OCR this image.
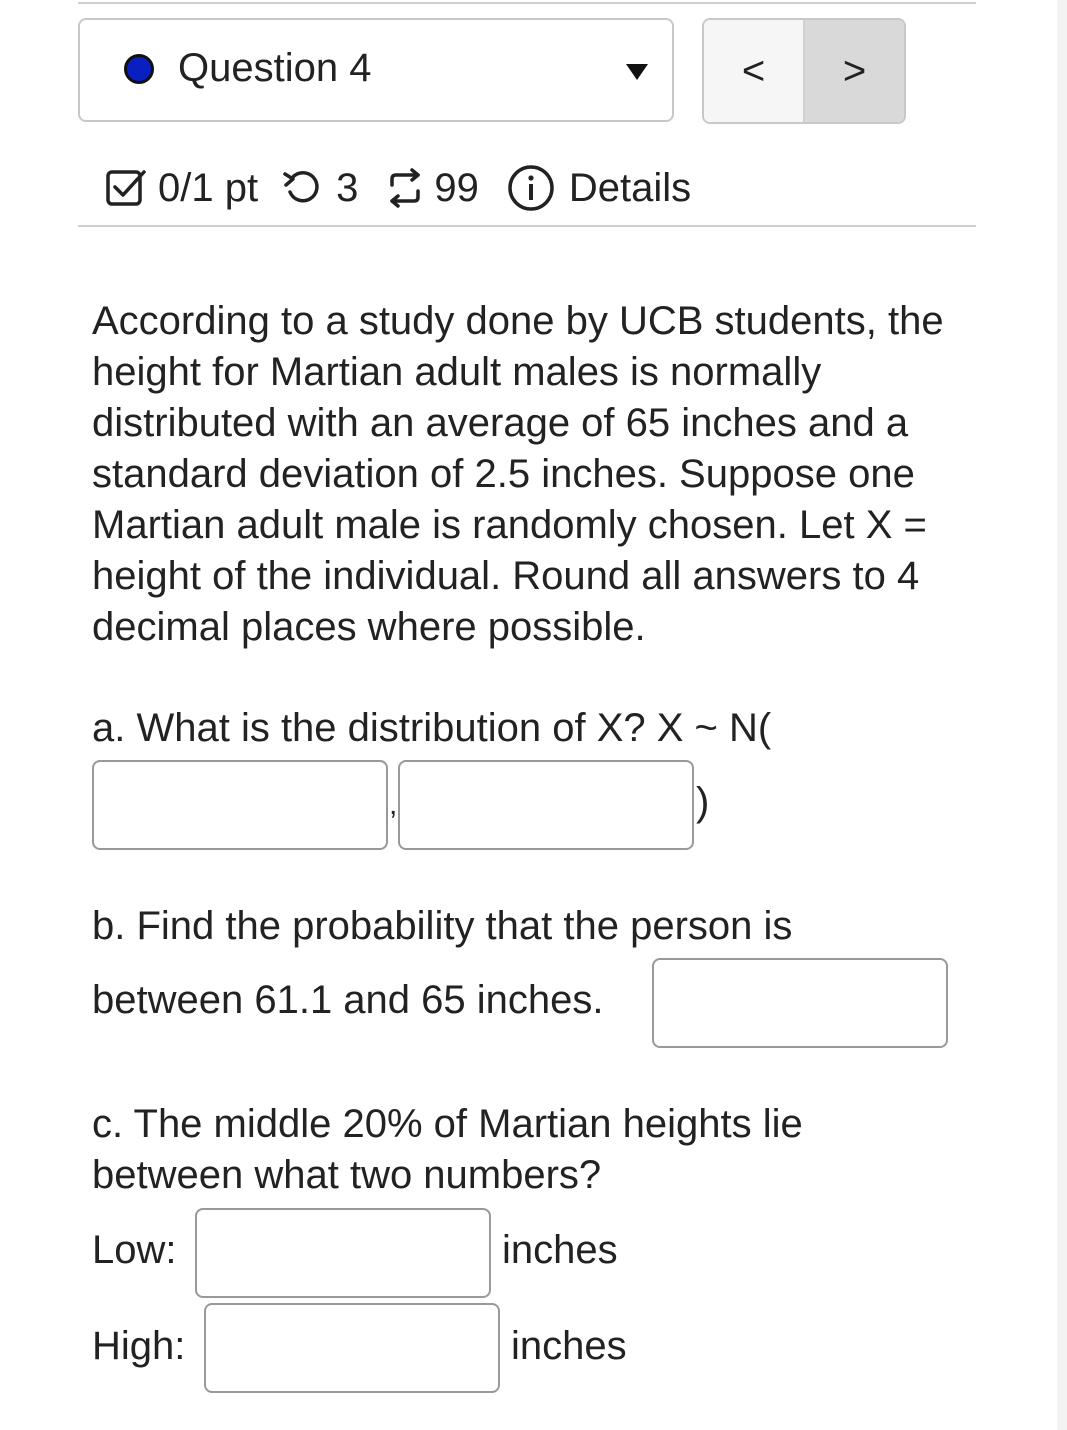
Question 4	<	>
0/1 pt 3 99 Details
According to a study done by UCB students, the height for Martian adult males is normally distributed with an average of 65 inches and a standard deviation of 2.5 inches. Suppose one Martian adult male is randomly chosen. Let X = height of the individual. Round all answers to 4 decimal places where possible.
a. What is the distribution of X? X ~ N(
,	)
b. Find the probability that the person is
between 61.1 and 65 inches.
c. The middle 20% of Martian heights lie
between what two numbers?
Low:	inches
High:	inches
